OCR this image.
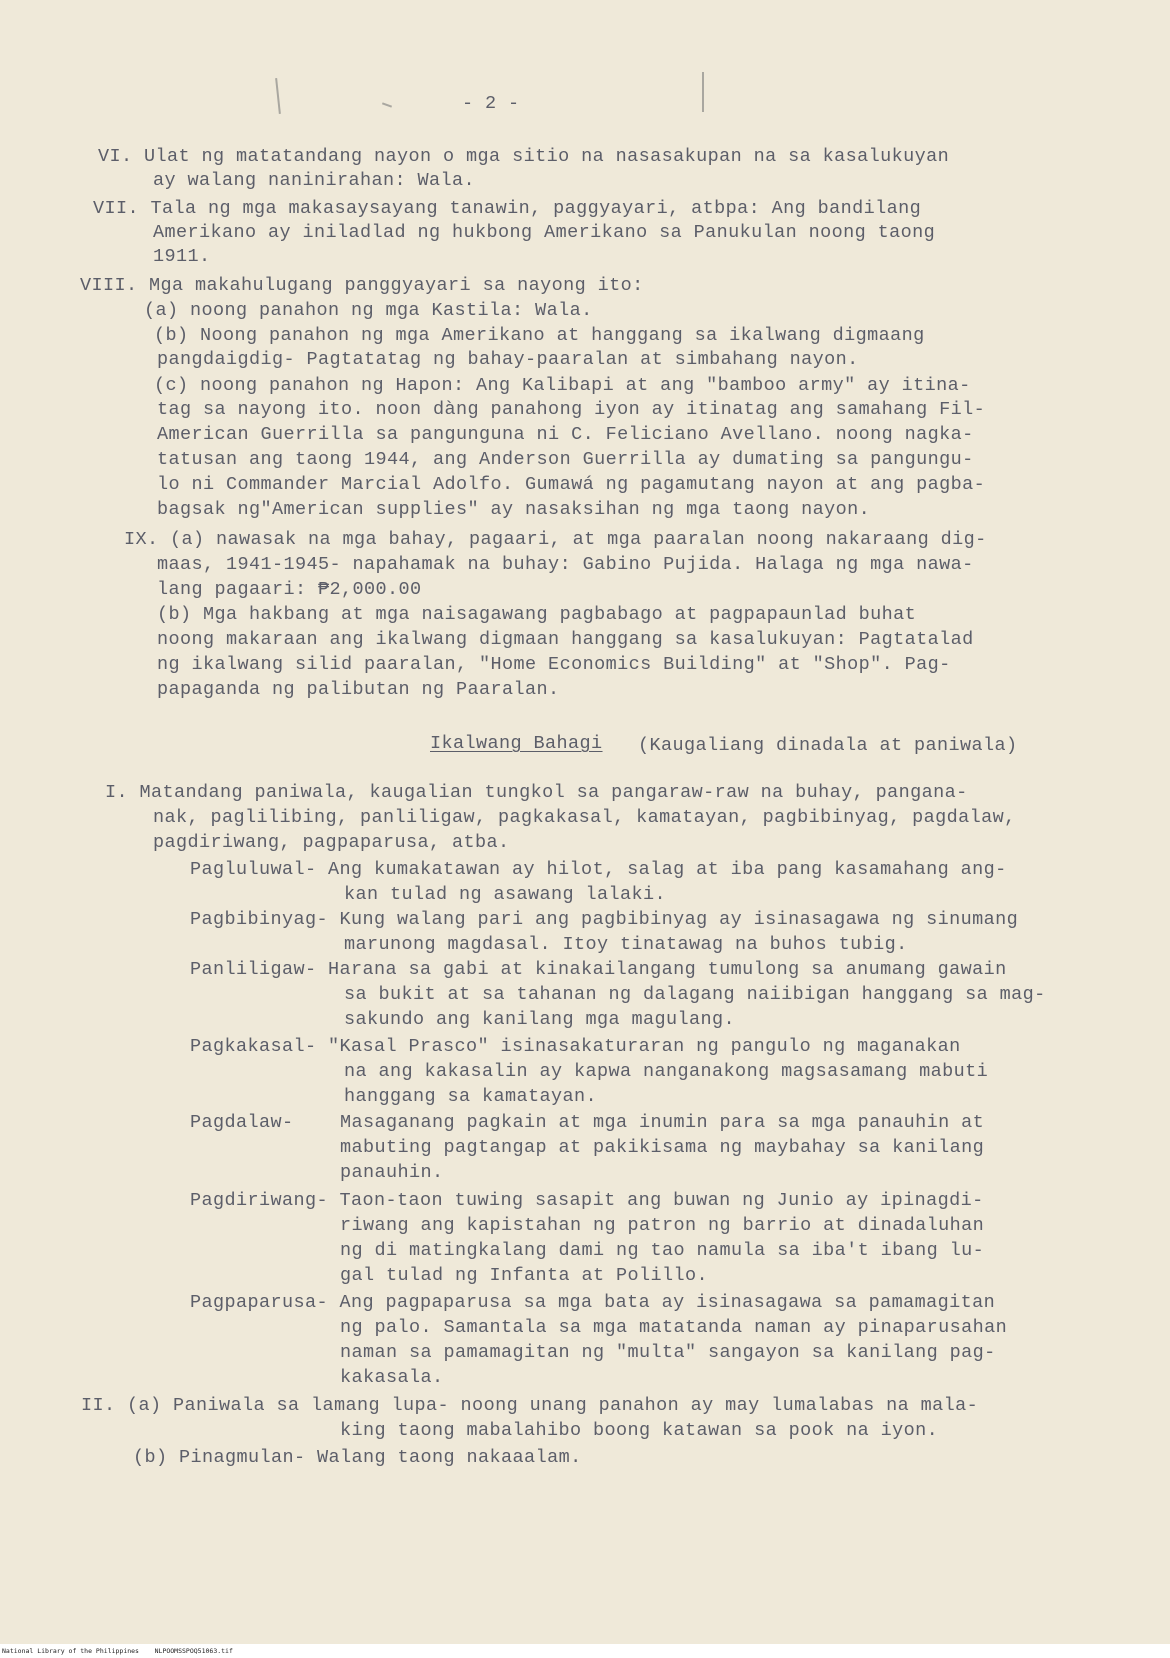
- 2 -
VI. Ulat ng matatandang nayon o mga sitio na nasasakupan na sa kasalukuyan
ay walang naninirahan: Wala.
VII. Tala ng mga makasaysayang tanawin, paggyayari, atbpa: Ang bandilang
Amerikano ay iniladlad ng hukbong Amerikano sa Panukulan noong taong
1911.
VIII. Mga makahulugang panggyayari sa nayong ito:
(a) noong panahon ng mga Kastila: Wala.
(b) Noong panahon ng mga Amerikano at hanggang sa ikalwang digmaang
pangdaigdig- Pagtatatag ng bahay-paaralan at simbahang nayon.
(c) noong panahon ng Hapon: Ang Kalibapi at ang "bamboo army" ay itina-
tag sa nayong ito. noon dàng panahong iyon ay itinatag ang samahang Fil-
American Guerrilla sa pangunguna ni C. Feliciano Avellano. noong nagka-
tatusan ang taong 1944, ang Anderson Guerrilla ay dumating sa pangungu-
lo ni Commander Marcial Adolfo. Gumawá ng pagamutang nayon at ang pagba-
bagsak ng"American supplies" ay nasaksihan ng mga taong nayon.
IX. (a) nawasak na mga bahay, pagaari, at mga paaralan noong nakaraang dig-
maas, 1941-1945- napahamak na buhay: Gabino Pujida. Halaga ng mga nawa-
lang pagaari: ₱2,000.00
(b) Mga hakbang at mga naisagawang pagbabago at pagpapaunlad buhat
noong makaraan ang ikalwang digmaan hanggang sa kasalukuyan: Pagtatalad
ng ikalwang silid paaralan, "Home Economics Building" at "Shop". Pag-
papaganda ng palibutan ng Paaralan.
Ikalwang Bahagi (Kaugaliang dinadala at paniwala)
I. Matandang paniwala, kaugalian tungkol sa pangaraw-raw na buhay, pangana-
nak, paglilibing, panliligaw, pagkakasal, kamatayan, pagbibinyag, pagdalaw,
pagdiriwang, pagpaparusa, atba.
Pagluluwal- Ang kumakatawan ay hilot, salag at iba pang kasamahang ang-
kan tulad ng asawang lalaki.
Pagbibinyag- Kung walang pari ang pagbibinyag ay isinasagawa ng sinumang
marunong magdasal. Itoy tinatawag na buhos tubig.
Panliligaw- Harana sa gabi at kinakailangang tumulong sa anumang gawain
sa bukit at sa tahanan ng dalagang naiibigan hanggang sa mag-
sakundo ang kanilang mga magulang.
Pagkakasal- "Kasal Prasco" isinasakaturaran ng pangulo ng maganakan
na ang kakasalin ay kapwa nanganakong magsasamang mabuti
hanggang sa kamatayan.
Pagdalaw-	Masaganang pagkain at mga inumin para sa mga panauhin at
mabuting pagtangap at pakikisama ng maybahay sa kanilang
panauhin.
Pagdiriwang- Taon-taon tuwing sasapit ang buwan ng Junio ay ipinagdi-
riwang ang kapistahan ng patron ng barrio at dinadaluhan
ng di matingkalang dami ng tao namula sa iba't ibang lu-
gal tulad ng Infanta at Polillo.
Pagpaparusa- Ang pagpaparusa sa mga bata ay isinasagawa sa pamamagitan
ng palo. Samantala sa mga matatanda naman ay pinaparusahan
naman sa pamamagitan ng "multa" sangayon sa kanilang pag-
kakasala.
II. (a) Paniwala sa lamang lupa- noong unang panahon ay may lumalabas na mala-
king taong mabalahibo boong katawan sa pook na iyon.
(b) Pinagmulan- Walang taong nakaaalam.
National Library of the Philippines    NLPOOMSSPOQ51063.tif
